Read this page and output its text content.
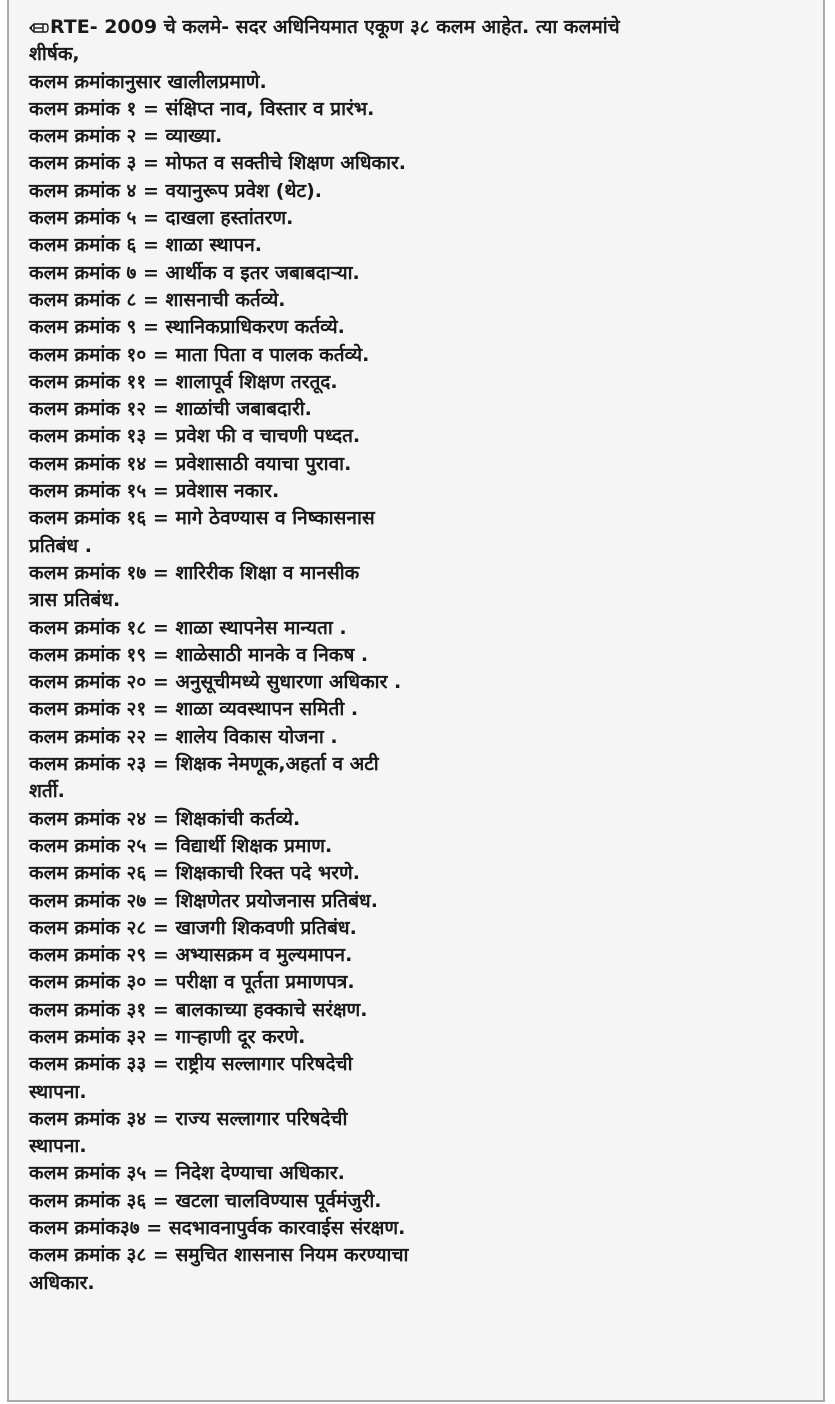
RTE- 2009 चे कलमे- सदर अधिनियमात एकूण ३८ कलम आहेत. त्या कलमांचे
शीर्षक,
कलम क्रमांकानुसार खालीलप्रमाणे.
कलम क्रमांक १ = संक्षिप्त नाव, विस्तार व प्रारंभ.
कलम क्रमांक २ = व्याख्या.
कलम क्रमांक ३ = मोफत व सक्तीचे शिक्षण अधिकार.
कलम क्रमांक ४ = वयानुरूप प्रवेश (थेट).
कलम क्रमांक ५ = दाखला हस्तांतरण.
कलम क्रमांक ६ = शाळा स्थापन.
कलम क्रमांक ७ = आर्थीक व इतर जबाबदाऱ्या.
कलम क्रमांक ८ = शासनाची कर्तव्ये.
कलम क्रमांक ९ = स्थानिकप्राधिकरण कर्तव्ये.
कलम क्रमांक १० = माता पिता व पालक कर्तव्ये.
कलम क्रमांक ११ = शालापूर्व शिक्षण तरतूद.
कलम क्रमांक १२ = शाळांची जबाबदारी.
कलम क्रमांक १३ = प्रवेश फी व चाचणी पध्दत.
कलम क्रमांक १४ = प्रवेशासाठी वयाचा पुरावा.
कलम क्रमांक १५ = प्रवेशास नकार.
कलम क्रमांक १६ = मागे ठेवण्यास व निष्कासनास
प्रतिबंध .
कलम क्रमांक १७ = शारिरीक शिक्षा व मानसीक
त्रास प्रतिबंध.
कलम क्रमांक १८ = शाळा स्थापनेस मान्यता .
कलम क्रमांक १९ = शाळेसाठी मानके व निकष .
कलम क्रमांक २० = अनुसूचीमध्ये सुधारणा अधिकार .
कलम क्रमांक २१ = शाळा व्यवस्थापन समिती .
कलम क्रमांक २२ = शालेय विकास योजना .
कलम क्रमांक २३ = शिक्षक नेमणूक,अहर्ता व अटी
शर्ती.
कलम क्रमांक २४ = शिक्षकांची कर्तव्ये.
कलम क्रमांक २५ = विद्यार्थी शिक्षक प्रमाण.
कलम क्रमांक २६ = शिक्षकाची रिक्त पदे भरणे.
कलम क्रमांक २७ = शिक्षणेतर प्रयोजनास प्रतिबंध.
कलम क्रमांक २८ = खाजगी शिकवणी प्रतिबंध.
कलम क्रमांक २९ = अभ्यासक्रम व मुल्यमापन.
कलम क्रमांक ३० = परीक्षा व पूर्तता प्रमाणपत्र.
कलम क्रमांक ३१ = बालकाच्या हक्काचे सरंक्षण.
कलम क्रमांक ३२ = गाऱ्हाणी दूर करणे.
कलम क्रमांक ३३ = राष्ट्रीय सल्लागार परिषदेची
स्थापना.
कलम क्रमांक ३४ = राज्य सल्लागार परिषदेची
स्थापना.
कलम क्रमांक ३५ = निदेश देण्याचा अधिकार.
कलम क्रमांक ३६ = खटला चालविण्यास पूर्वमंजुरी.
कलम क्रमांक३७ = सदभावनापुर्वक कारवाईस संरक्षण.
कलम क्रमांक ३८ = समुचित शासनास नियम करण्याचा
अधिकार.
